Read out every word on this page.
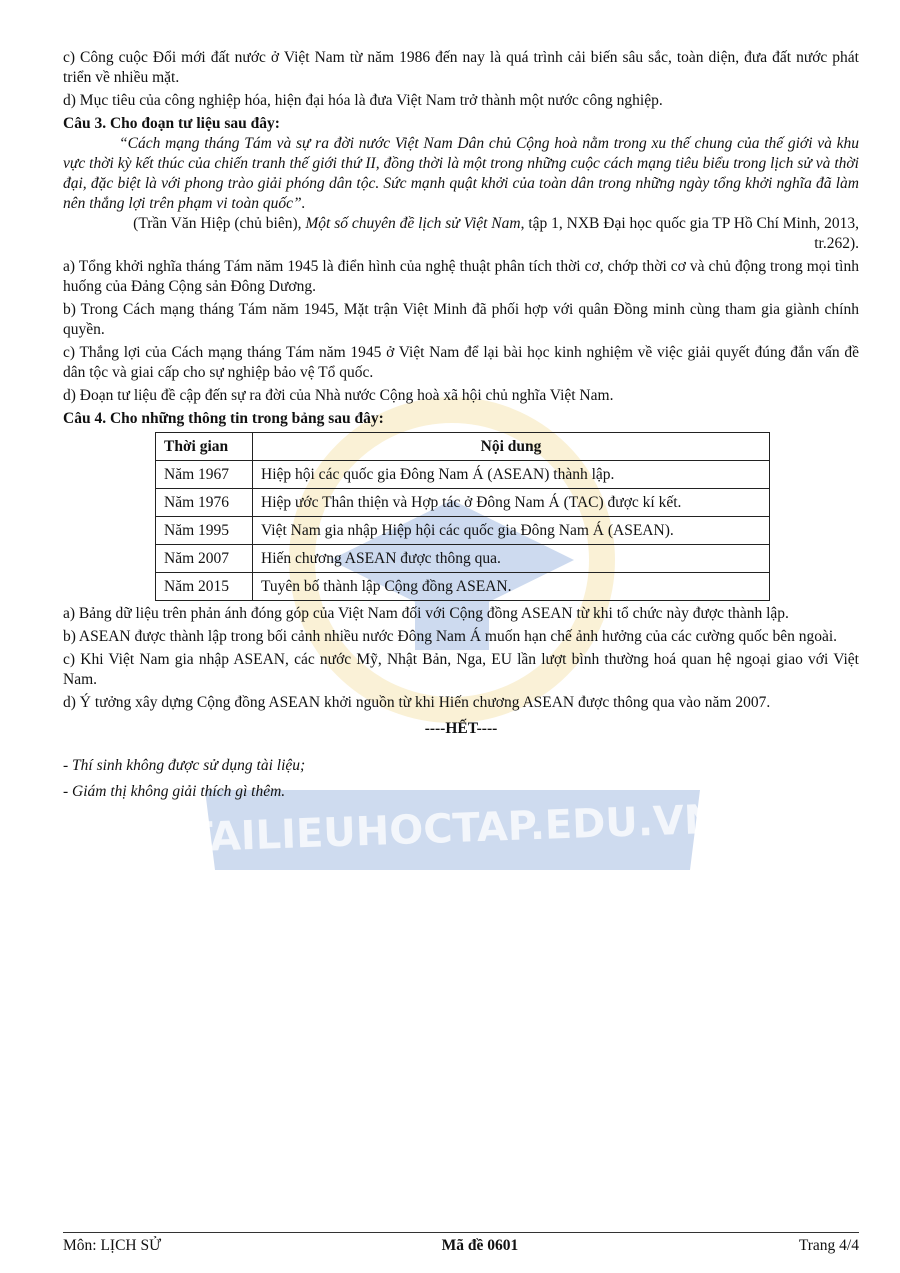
TAILIEUHOCTAP.EDU.VN

c) Công cuộc Đổi mới đất nước ở Việt Nam từ năm 1986 đến nay là quá trình cải biến sâu sắc, toàn diện, đưa đất nước phát triển về nhiều mặt.

d) Mục tiêu của công nghiệp hóa, hiện đại hóa là đưa Việt Nam trở thành một nước công nghiệp.

Câu 3. Cho đoạn tư liệu sau đây:

“Cách mạng tháng Tám và sự ra đời nước Việt Nam Dân chủ Cộng hoà nằm trong xu thế chung của thế giới và khu vực thời kỳ kết thúc của chiến tranh thế giới thứ II, đồng thời là một trong những cuộc cách mạng tiêu biểu trong lịch sử và thời đại, đặc biệt là với phong trào giải phóng dân tộc. Sức mạnh quật khởi của toàn dân trong những ngày tổng khởi nghĩa đã làm nên thắng lợi trên phạm vi toàn quốc”.

(Trần Văn Hiệp (chủ biên), Một số chuyên đề lịch sử Việt Nam, tập 1, NXB Đại học quốc gia TP Hồ Chí Minh, 2013, tr.262).

a) Tổng khởi nghĩa tháng Tám năm 1945 là điển hình của nghệ thuật phân tích thời cơ, chớp thời cơ và chủ động trong mọi tình huống của Đảng Cộng sản Đông Dương.

b) Trong Cách mạng tháng Tám năm 1945, Mặt trận Việt Minh đã phối hợp với quân Đồng minh cùng tham gia giành chính quyền.

c) Thắng lợi của Cách mạng tháng Tám năm 1945 ở Việt Nam để lại bài học kinh nghiệm về việc giải quyết đúng đắn vấn đề dân tộc và giai cấp cho sự nghiệp bảo vệ Tổ quốc.

d) Đoạn tư liệu đề cập đến sự ra đời của Nhà nước Cộng hoà xã hội chủ nghĩa Việt Nam.

Câu 4. Cho những thông tin trong bảng sau đây:

Thời gian	Nội dung
Năm 1967	Hiệp hội các quốc gia Đông Nam Á (ASEAN) thành lập.
Năm 1976	Hiệp ước Thân thiện và Hợp tác ở Đông Nam Á (TAC) được kí kết.
Năm 1995	Việt Nam gia nhập Hiệp hội các quốc gia Đông Nam Á (ASEAN).
Năm 2007	Hiến chương ASEAN được thông qua.
Năm 2015	Tuyên bố thành lập Cộng đồng ASEAN.

a) Bảng dữ liệu trên phản ánh đóng góp của Việt Nam đối với Cộng đồng ASEAN từ khi tổ chức này được thành lập.

b) ASEAN được thành lập trong bối cảnh nhiều nước Đông Nam Á muốn hạn chế ảnh hưởng của các cường quốc bên ngoài.

c) Khi Việt Nam gia nhập ASEAN, các nước Mỹ, Nhật Bản, Nga, EU lần lượt bình thường hoá quan hệ ngoại giao với Việt Nam.

d) Ý tưởng xây dựng Cộng đồng ASEAN khởi nguồn từ khi Hiến chương ASEAN được thông qua vào năm 2007.

----HẾT----

- Thí sinh không được sử dụng tài liệu;

- Giám thị không giải thích gì thêm.

Môn: LỊCH SỬ	Mã đề 0601	Trang 4/4
